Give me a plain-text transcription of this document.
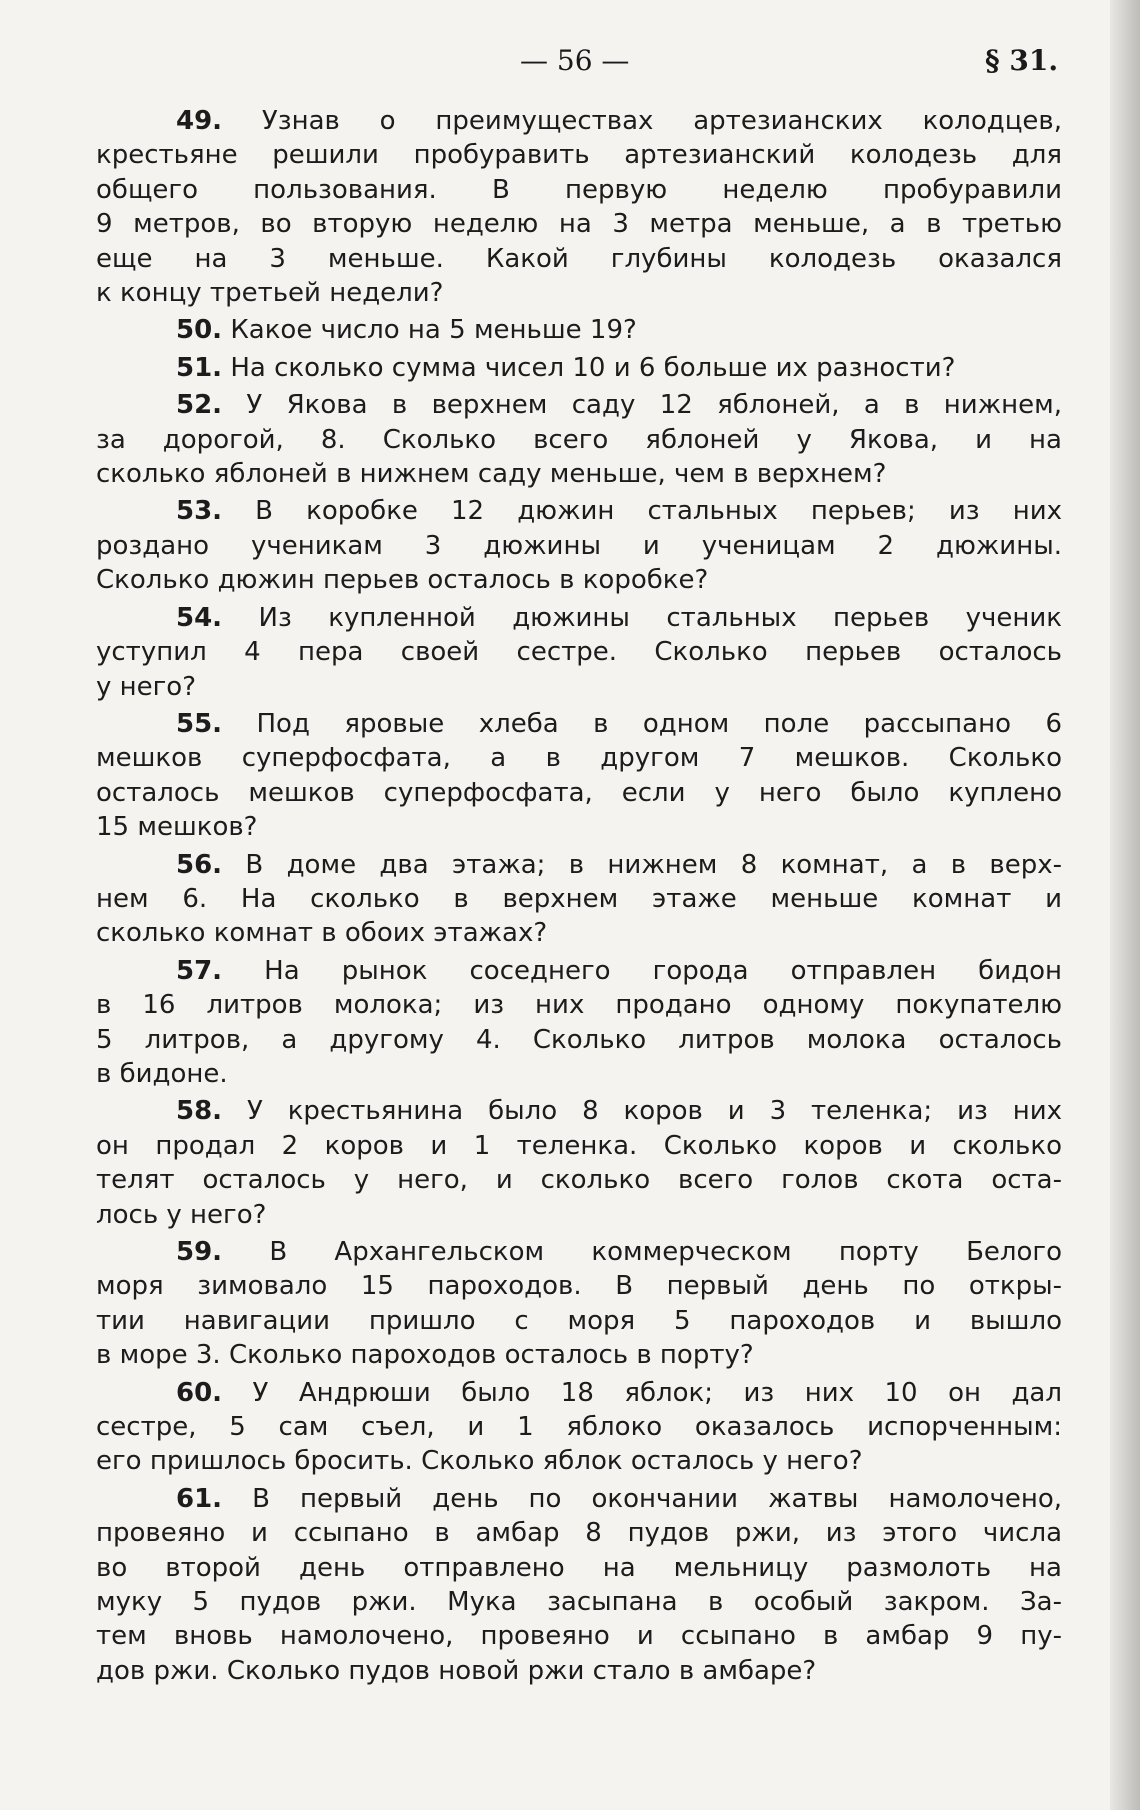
— 56 —	§ 31.
49. Узнав о преимуществах артезианских колодцев,
крестьяне решили пробуравить артезианский колодезь для
общего пользования. В первую неделю пробуравили
9 метров, во вторую неделю на 3 метра меньше, а в третью
еще на 3 меньше. Какой глубины колодезь оказался
к концу третьей недели?
50. Какое число на 5 меньше 19?
51. На сколько сумма чисел 10 и 6 больше их разности?
52. У Якова в верхнем саду 12 яблоней, а в нижнем,
за дорогой, 8. Сколько всего яблоней у Якова, и на
сколько яблоней в нижнем саду меньше, чем в верхнем?
53. В коробке 12 дюжин стальных перьев; из них
роздано ученикам 3 дюжины и ученицам 2 дюжины.
Сколько дюжин перьев осталось в коробке?
54. Из купленной дюжины стальных перьев ученик
уступил 4 пера своей сестре. Сколько перьев осталось
у него?
55. Под яровые хлеба в одном поле рассыпано 6
мешков суперфосфата, а в другом 7 мешков. Сколько
осталось мешков суперфосфата, если у него было куплено
15 мешков?
56. В доме два этажа; в нижнем 8 комнат, а в верх-
нем 6. На сколько в верхнем этаже меньше комнат и
сколько комнат в обоих этажах?
57. На рынок соседнего города отправлен бидон
в 16 литров молока; из них продано одному покупателю
5 литров, а другому 4. Сколько литров молока осталось
в бидоне.
58. У крестьянина было 8 коров и 3 теленка; из них
он продал 2 коров и 1 теленка. Сколько коров и сколько
телят осталось у него, и сколько всего голов скота оста-
лось у него?
59. В Архангельском коммерческом порту Белого
моря зимовало 15 пароходов. В первый день по откры-
тии навигации пришло с моря 5 пароходов и вышло
в море 3. Сколько пароходов осталось в порту?
60. У Андрюши было 18 яблок; из них 10 он дал
сестре, 5 сам съел, и 1 яблоко оказалось испорченным:
его пришлось бросить. Сколько яблок осталось у него?
61. В первый день по окончании жатвы намолочено,
провеяно и ссыпано в амбар 8 пудов ржи, из этого числа
во второй день отправлено на мельницу размолоть на
муку 5 пудов ржи. Мука засыпана в особый закром. За-
тем вновь намолочено, провеяно и ссыпано в амбар 9 пу-
дов ржи. Сколько пудов новой ржи стало в амбаре?
